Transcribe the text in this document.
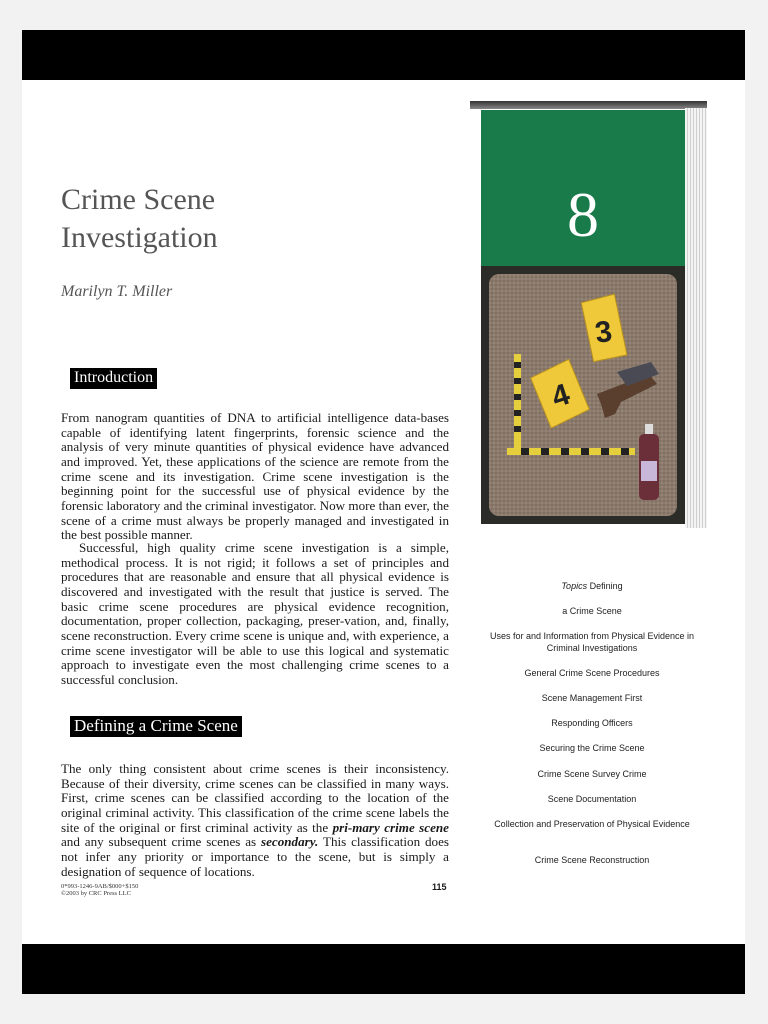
Crime Scene
Investigation
Marilyn T. Miller
Introduction

From nanogram quantities of DNA to artificial intelligence data-bases capable of identifying latent fingerprints, forensic science and the analysis of very minute quantities of physical evidence have advanced and improved. Yet, these applications of the science are remote from the crime scene and its investigation. Crime scene investigation is the beginning point for the successful use of physical evidence by the forensic laboratory and the criminal investigator. Now more than ever, the scene of a crime must always be properly managed and investigated in the best possible manner.

Successful, high quality crime scene investigation is a simple, methodical process. It is not rigid; it follows a set of principles and procedures that are reasonable and ensure that all physical evidence is discovered and investigated with the result that justice is served. The basic crime scene procedures are physical evidence recognition, documentation, proper collection, packaging, preser-vation, and, finally, scene reconstruction. Every crime scene is unique and, with experience, a crime scene investigator will be able to use this logical and systematic approach to investigate even the most challenging crime scenes to a successful conclusion.

Defining a Crime Scene

The only thing consistent about crime scenes is their inconsistency. Because of their diversity, crime scenes can be classified in many ways. First, crime scenes can be classified according to the location of the original criminal activity. This classification of the crime scene labels the site of the original or first criminal activity as the pri-mary crime scene and any subsequent crime scenes as secondary. This classification does not infer any priority or importance to the scene, but is simply a designation of sequence of locations.

0*993-1246-9AB/$000+$150
©2003 by CRC Press LLC
115
8
3
4
Topics Defining
a Crime Scene
Uses for and Information from Physical Evidence in Criminal Investigations
General Crime Scene Procedures
Scene Management First
Responding Officers
Securing the Crime Scene
Crime Scene Survey Crime
Scene Documentation
Collection and Preservation of Physical Evidence
Crime Scene Reconstruction
